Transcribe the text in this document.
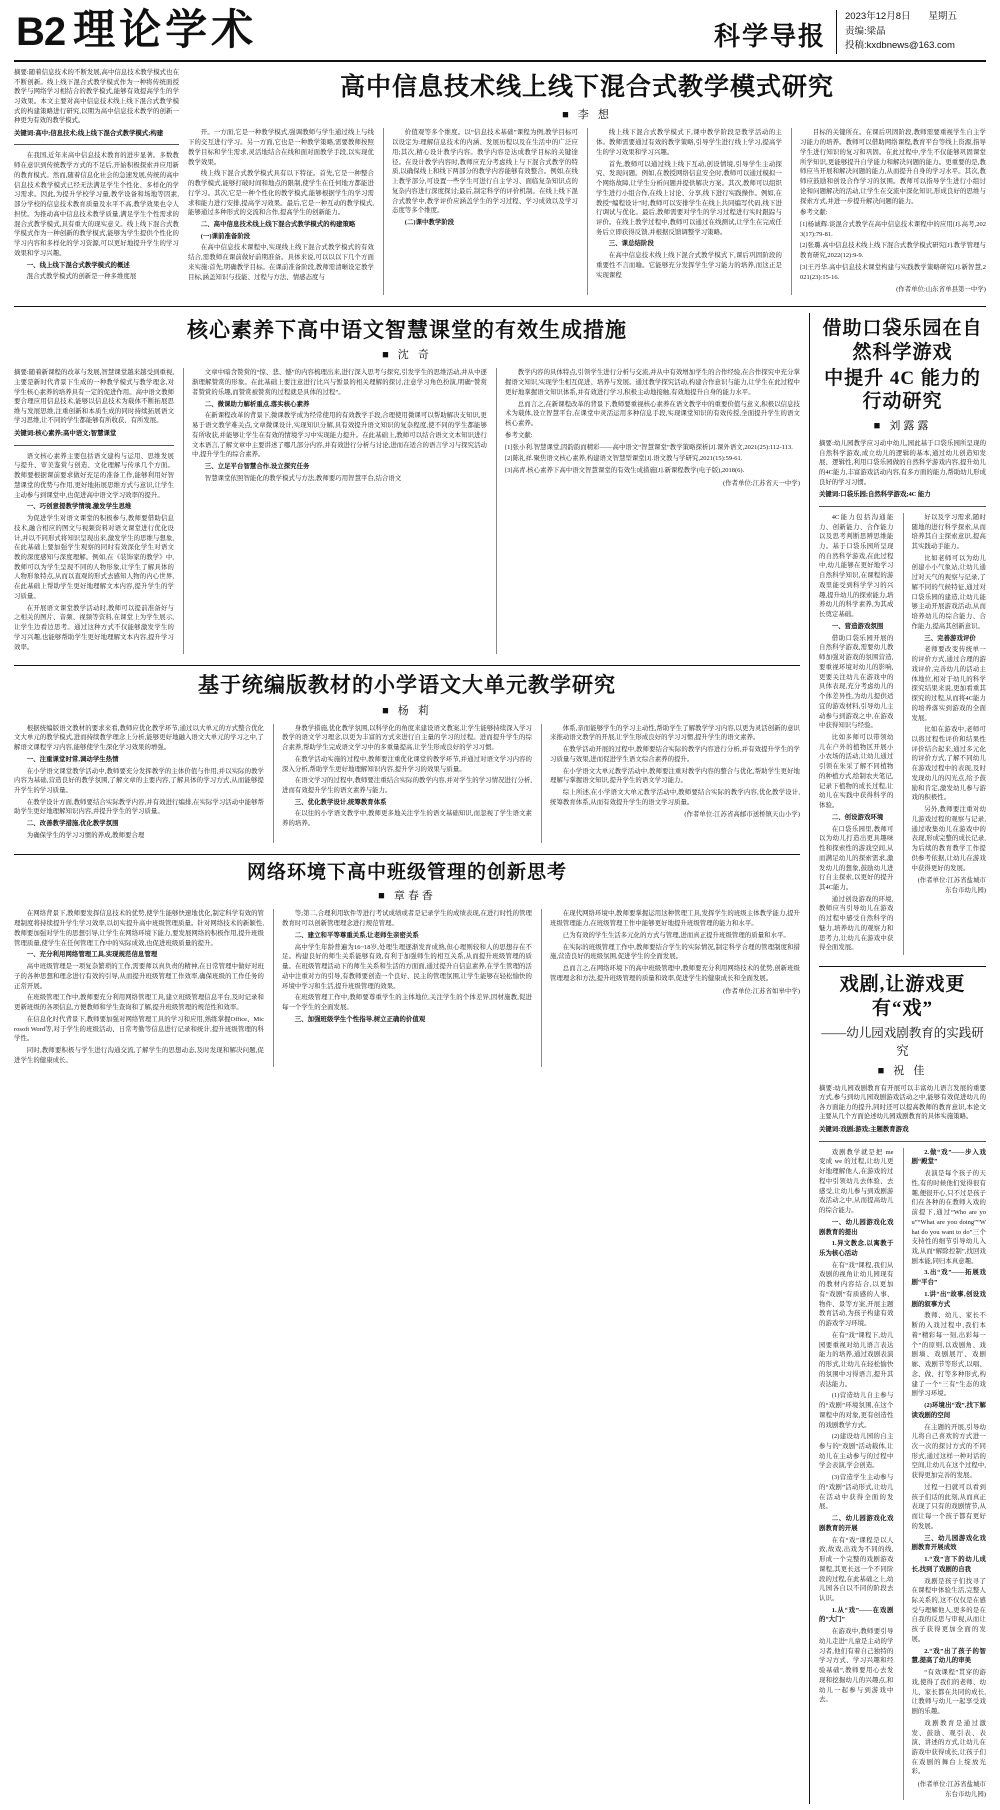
B2 理论学术	科学导报
2023年12月8日 星期五
责编:梁晶
投稿:kxdbnews@163.com

摘要:随着信息技术的不断发展,高中信息技术教学模式也在不断创新。线上线下混合式教学模式作为一种将传统面授教学与网络学习相结合的教学模式,能够有效提高学生的学习效果。本文主要对高中信息技术线上线下混合式教学模式的构建策略进行研究,以期为高中信息技术教学的创新一种更为有效的教学模式。

关键词:高中;信息技术;线上线下混合式教学模式;构建

在我国,近年来高中信息技术教育的进步显著。多数教师在意识到传统教学方式的不足后,开始积极探索并应用新的教育模式。然而,随着信息化社会的急速发展,传统的高中信息技术教学模式已经无法满足学生个性化、多样化的学习需求。因此,为提升学校学习量,教学设备和场地等因素,部分学校的信息技术教育质量及水平不高,教学效果也令人担忧。为推动高中信息技术教学质量,满足学生个性需求的混合式教学模式,具有重大的现实意义。线上线下混合式教学模式作为一种创新的教学模式,能够为学生提供个性化的学习内容和多样化的学习资源,可以更好地提升学生的学习效果和学习兴趣。

一、线上线下混合式教学模式的概述

混合式教学模式的创新是一种多维度展

高中信息技术线上线下混合式教学模式研究
■ 李 想

开。一方面,它是一种教学模式,强调教师与学生通过线上与线下的交互进行学习。另一方面,它也是一种教学策略,需要教师按照教学目标和学生需求,灵活地结合在线和面对面教学手段,以实现优教学效果。

线上线下混合式教学模式具有以下特征。首先,它是一种整合的教学模式,能够打破时间和地点的限制,使学生在任何地方都能进行学习。其次,它是一种个性化的教学模式,能够根据学生的学习需求和能力进行安排,提高学习效果。最后,它是一种互动的教学模式,能够通过多种形式的交流和合作,提高学生的创新能力。

二、高中信息技术线上线下混合式教学模式的构建策略

(一)课前准备阶段

在高中信息技术课程中,实现线上线下混合式教学模式的有效结合,需教师在课前做好前期准备。具体来说,可以以以下几个方面来实施:首先,明确教学目标。在课前准备阶段,教师需清晰设定教学目标,涵盖知识与技能、过程与方法、情感态度与

价值观等多个维度。以“信息技术基础”课程为例,教学目标可以设定为:理解信息技术的内涵、发展历程以及在生活中的广泛应用;其次,精心设计教学内容。教学内容是达成教学目标的关键途径。在设计教学内容时,教师应充分考虑线上与下混合式教学的特质,以确保线上和线下两部分的教学内容能够有效整合。例如,在线上教学部分,可设置一些学生可进行自主学习、面临复杂知识点的复杂内容进行深度探讨;最后,制定科学的评价机制。在线上线下混合式教学中,教学评价应涵盖学生的学习过程、学习成效以及学习态度等多个维度。

(二)课中教学阶段

线上线下混合式教学模式下,课中教学阶段是教学活动的主体。教师需要通过有效的教学策略,引导学生进行线上学习,提高学生的学习效果和学习兴趣。

首先,教师可以通过线上线下互动,创设情境,引导学生主动探究、发现问题。例如,在教授网络信息安全时,教师可以通过模拟一个网络故障,让学生分析问题并提供解决方案。其次,教师可以组织学生进行小组合作,在线上讨论、分享,线下进行实践操作。例如,在教授“编程设计”时,教师可以安排学生在线上共同编写代码,线下进行调试与优化。最后,教师需要对学生的学习过程进行实时跟踪与评价。在线上教学过程中,教师可以通过在线测试,让学生在完成任务后立即获得反馈,并根据反馈调整学习策略。

三、课总结阶段

在高中信息技术线上线下混合式教学模式下,课后巩固阶段的重要性不言而喻。它能够充分发挥学生学习能力的培养,而这正是实现课程

目标的关键所在。在课后巩固阶段,教师需要重视学生自主学习能力的培养。教师可以借助网络课程,教育平台等线上资源,指导学生进行知识的复习和巩固。在此过程中,学生不仅能够巩固课堂所学知识,更能够提升自学能力和解决问题的能力。更重要的是,教师应当开展和解决问题的能力,从而提升自身的学习水平。其次,教师应鼓励和创设合作学习的氛围。教师可以指导学生进行小组讨论和问题解决的活动,让学生在交流中深化知识,形成良好的思维与探索方式,并进一步提升解决问题的能力。

参考文献:

[1]杨诚辉.谈混合式教学在高中信息技术课程中的应用[J].高考,2023(17):79-81.

[2]张璐.高中信息技术线上线下混合式教学模式研究[J].教学管理与教育研究,2022(12):9-9.

[3]王丹华.高中信息技术课堂构建与实践教学策略研究[J].新智慧,2021(23):15-16.

(作者单位:山东省单县第一中学)
核心素养下高中语文智慧课堂的有效生成措施
■ 沈 奇

摘要:随着新课程的改革与发展,智慧课堂越来越受到重视,主要是新时代背景下生成的一种教学模式与教学理念,对学生核心素养的培养具有一定的促进作用。高中语文教师要合理应用信息技术,能够以信息技术为载体不断拓展思维与发展思维,注重创新和本质生成的同时持续拓展语文学习思维,让不同的学生都能够有所收获、有所发展。

关键词:核心素养;高中语文;智慧课堂

语文核心素养主要包括语文建构与运用、思维发展与提升、审美鉴赏与创造、文化理解与传承几个方面。教师要根据课前要求做好充足的准备工作,能够利用好智慧课堂的优势与作用,更好地拓展思维方式与意识,让学生主动参与到课堂中,也促进高中语文学习效率的提升。

一、巧创意提教学情境,激发学生思维

为促进学生对语文课堂的积极参与,教师要借助信息技术,融合相应的图文与视频资料对语文课堂进行优化设计,并以不同形式将知识呈现出来,激发学生的思维与想象,在此基础上要加强学生观察的同时有效深化学生对语文教的深度感知与深度理解。例如,在《装饰家的教学》中,教师可以为学生呈现不同的人物形象,让学生了解具体的人物形象特点,从而以直观的形式去感知人物的内心世界,在此基础上帮助学生更好地理解文本内容,提升学生的学习质量。

在开展语文课堂教学活动时,教师可以提前准备好与之相关的图片、音频、视频等资料,在课堂上为学生展示,让学生边看边思考。通过这种方式不仅能够激发学生的学习兴趣,也能够帮助学生更好地理解文本内容,提升学习效率。

文章中暗含赞赏的“惊、悲、憾”的内容梳理出来,进行深入思考与探究,引发学生的思维活动,并从中逐渐理解赞赏的形象。在此基础上要注意进行比兴与暂景的相关理解的探讨,注意学习角色扮演,明确“赞赏者赞赏的乐趣,而赞赏被赞赏的过程就是具体的过程”。

二、微课助力解析重点,落实核心素养

在新课程改革的背景下,微课教学成为经常使用的有效教学手段,合理使用微课可以帮助解决支知识,更易于语文教学难关点,文章微课设计,实现知识分解,具有效提升语文知识的复杂程度,使不同的学生都能够有所收获,并能够让学生在有效的情境学习中实现能力提升。在此基础上,教师可以结合语文文本知识进行文本语言,了解文章中主要讲述了哪几部分内容,并有效进行分析与讨论,进而在适合的语言学习与探究活动中,提升学生的综合素养。

三、立足平台智慧合作,设立探究任务

智慧课堂依照智能化的教学模式与方法,教师要巧用智慧平台,结合语文

教学内容的具体特点,引领学生进行分析与交流,并从中有效增加学生的合作经验,在合作探究中充分掌握语文知识,实现学生相互促进、培养与发展。通过教学探究活动,构建合作意识与能力,让学生在此过程中更好地掌握语文知识体系,并有效进行学习,积极主动地接触,有效地提升自身的能力水平。

总而言之,在新课程改革的背景下,教师要重视核心素养在语文教学中的重要价值与意义,积极以信息技术为载体,设立智慧平台,在课堂中灵活运用多种信息手段,实现课堂知识的有效传授,全面提升学生的语文核心素养。

参考文献:

[1]张小利.智慧课堂,因韵韵而精彩——高中语文“智慧课堂”教学策略探析[J].课外语文,2021(25):112-113.

[2]陈礼祥.聚焦语文核心素养,构建语文智慧型课堂[J].语文教与学研究,2021(15):59-61.

[3]高青.核心素养下高中语文智慧课堂的有效生成措施[J].新课程教学(电子版),2018(6).

(作者单位:江苏省天一中学)
基于统编版教材的小学语文大单元教学研究
■ 杨 莉

根据统编版语文教材的要求来看,教师应优化教学环节,通过以大单元的方式整合优化文大单元的教学模式,进而持续教学理念上分析,能够更好地融入语文大单元的学习之中,了解语文课程学习内容,能够使学生深化学习效果的增强。

一、注重课堂时常,调动学生热情

在小学语文课堂教学活动中,教师要充分发挥教学的主体价值与作用,并以实际的教学内容为基础,营造良好的教学氛围,了解文章的主要内容,了解具体的学习方式,从而能够提升学生的学习质量。

在教学设计方面,教师要结合实际教学内容,并有效进行编排,在实际学习活动中能够帮助学生更好地理解知识内容,并提升学生的学习质量。

二、改善教学措施,优化教学氛围

为确保学生的学习习惯的养成,教师要合理

身教学措施,优化教学氛围,以科学化的角度来建设语文教案,让学生能够持续深入学习教学的语文学习理念,以更为丰富的方式来进行自主量的学习的过程。进而提升学生的综合素养,帮助学生完成语文学习中的多重量提高,让学生形成良好的学习习惯。

在教学活动实施的过程中,教师要注重优化课堂的教学环节,并通过对语文学习内容的深入分析,帮助学生更好地理解知识内容,提升学习的效果与质量。

在语文学习的过程中,教师要注重结合实际的教学内容,并对学生的学习情况进行分析,进而有效提升学生的语文素养与能力。

三、优化教学设计,统筹教育体系

在以往的小学语文教学中,教师更多地关注学生的语文基础知识,而忽视了学生语文素养的培养。

体系,亲而能够学生的学习主动性,帮助学生了解教学学习内容,以更为灵活创新的意识来推动语文教学的开展,让学生形成良好的学习习惯,提升学生的语文素养。

在教学活动开展的过程中,教师要结合实际的教学内容进行分析,并有效提升学生的学习质量与效果,进而促进学生语文综合素养的提升。

在小学语文大单元教学活动中,教师要注重对教学内容的整合与优化,帮助学生更好地理解与掌握语文知识,提升学生的语文学习能力。

综上所述,在小学语文大单元教学活动中,教师要结合实际的教学内容,优化教学设计,统筹教育体系,从而有效提升学生的语文学习质量。

(作者单位:江苏省高邮市送桥镇天山小学)
网络环境下高中班级管理的创新思考
■ 章春香

在网络背景下,教师要发挥信息技术的优势,使学生能够快速地优化,制定科学有效的管理制度将持续提升学生学习效率,以切实提升高中班级管理质量。针对网络技术的新颖性,教师要加强对学生的思想引导,让学生在网络环境下能力,要发展网络的积极作用,提升班级管理质量,使学生在任何管理工作中的实际成效,也促进班级质量的提升。

一、充分利用网络管理工具,实现规范信息管理

高中班级管理是一项复杂繁琐的工作,需要师以真负责的精神,在日常管理中做好对班子的各种思想和理念进行有效的引导,从而提升班级管理工作效率,确保班级的工作任务的正常开展。

在班级管理工作中,教师要充分利用网络管理工具,建立班级管理信息平台,及时记录和更新班级的各项信息,方便教师和学生查询和了解,提升班级管理的规范性和效率。

在信息化时代背景下,教师要加强对网络管理工具的学习和应用,熟练掌握Office、Microsoft Word等,对于学生的班级活动、日常考勤等信息进行记录和统计,提升班级管理的科学性。

同时,教师要积极与学生进行沟通交流,了解学生的思想动态,及时发现和解决问题,促进学生的健康成长。

等;第二,合理利用软件等进行考试成绩或者是记录学生的成绩表现,在进行时性的管理教育时可以创新管理理念进行规范管理。

二、建立和平等尊重关系,让老师生亲密关系

高中学生年龄普遍为16~18岁,处理生理逐渐发育成熟,但心理则较和人的思想存在不足。构建良好的师生关系能够有效,有利于加强师生的相互关系,从而提升班级管理的质量。在班级管理活动下的师生关系和生活的方面面,通过提升自信息素养,在学生管理的活动中注重对方的引导,有教师要创造一个良好、民主的管理氛围,让学生能够在轻松愉快的环境中学习和生活,提升班级管理的效果。

在班级管理工作中,教师要尊重学生的主体地位,关注学生的个体差异,因材施教,促进每一个学生的全面发展。

三、加强班级学生个性指导,树立正确的价值观

在现代网络环境中,教师要掌握运用这种管理工具,发挥学生的班级主体教学能力,提升班级管理能力,在班级管理工作中能够更好地提升班级管理的能力和水平。

已为有效的学生生活多元化的方式与管理,进而真正提升班级管理的质量和水平。

在实际的班级管理工作中,教师要结合学生的实际情况,制定科学合理的管理制度和措施,营造良好的班级氛围,促进学生的全面发展。

总而言之,在网络环境下的高中班级管理中,教师要充分利用网络技术的优势,创新班级管理理念和方法,提升班级管理的质量和效率,促进学生的健康成长和全面发展。

(作者单位:江苏省如皋中学)
借助口袋乐园在自然科学游戏
中提升 4C 能力的行动研究
■ 刘露露

摘要:幼儿园教学应习动中幼儿,园此基于口袋乐园所呈现的自然科学游戏,成立幼儿的逻辑的基本,通过幼儿创造知发展、逻辑性,利用口袋乐园做的自然科学游戏内容,提升幼儿的4C能力,丰富游戏活动内容,有多方面的能力,帮助幼儿形成良好的学习习惯。

关键词:口袋乐园;自然科学游戏;4C 能力

4C能力包括沟通能力、创新能力、合作能力以及思考判断思辨思维能力。基于口袋乐园所呈现的自然科学游戏,在此过程中,幼儿能够在更好地学习自然科学知识,在课程的游戏里能受到科学学习的兴趣,提升幼儿的探索能力,培养幼儿的科学素养,为其成长奠定基础。

一、营造游戏氛围

借助口袋乐园开展的自然科学游戏,需要幼儿教师加强对游戏的氛围营造,要重视环境对幼儿的影响,更要关注幼儿在游戏中的具体表现,充分考虑幼儿的个体差异性,为幼儿提供适宜的游戏材料,引导幼儿主动参与到游戏之中,在游戏中获得知识与经验。

比如多师可以带领幼儿在户外的植物区开展小小农场的活动,让幼儿通过引领在朱采了解不同植物的种植方式,绘制农夫笔记,记录下植物的成长过程,让幼儿在实践中获得科学的体验。

二、创设游戏环境

在口袋乐园里,教师可以为幼儿打造出更具趣味性和探索性的游戏空间,从而满足幼儿的探索需求,激发幼儿的想象,鼓励幼儿进行自主探索,以更好的提升其4C能力。

通过创设游戏的环境,教师应当引导幼儿在游戏的过程中感受自然科学的魅力,培养幼儿的观察力和思考力,让幼儿在游戏中获得全面发展。

好以及学习需求,随时随地的进行科学探索,从而培养其自主探索意识,提高其实践动手能力。

比如老师可以为幼儿创建小小气象站,让幼儿通过对天气的观察与记录,了解不同的气候特征,通过对口袋乐园的建造,让幼儿能够主动开展游戏活动,从而培养幼儿的综合能力、合作能力,提高其创新意识。

三、完善游戏评价

老师要改变传统单一的评价方式,通过合理的游戏评价,完善幼儿的活动主体地位,相对于幼儿的科学探究结果来说,更加看重其探究的过程,从而将4C能力的培养落实到游戏的全面发展。

比如在游戏中,老师可以将过程性评价和结果性评价结合起来,通过多元化的评价方式,了解不同幼儿在游戏过程中的表现,及时发现幼儿的闪光点,给予鼓励和肯定,激发幼儿参与游戏的积极性。

另外,教师要注重对幼儿游戏过程的观察与记录,通过收集幼儿在游戏中的表现,形成完整的成长记录,为后续的教育教学工作提供参考依据,让幼儿在游戏中获得更好的发展。

(作者单位:江苏省盐城市东台市幼儿园)
戏剧,让游戏更有“戏”
——幼儿园戏剧教育的实践研究
■ 祝 佳

摘要:幼儿园戏剧教育有开展可以丰富幼儿语言发展的重要方式,参与到幼儿园戏剧游戏活动之中,能够有效促进幼儿的各方面能力的提升,同时还可以提高教师的教育意识,本论文主要从几个方面论述幼儿园戏剧教育的具体实施策略。

关键词:戏剧;游戏;主题教育游戏

戏剧教学就是把 me 变成 we 的过程,让幼儿更好地理解他人,在游戏的过程中引领幼儿去体验、去感受,让幼儿参与到戏剧游戏活动之中,从而提高幼儿的综合能力。

一、幼儿园游戏化戏剧教育的提出

1.异文教念,以寓教于乐为核心活动

在有“戏”课程,我们从戏剧的视角让幼儿园现有的教材内容结合,以更加有“戏剧”有质感的人事、物件、景等方案,开展主题教育活动,为孩子构建有效的游戏学习环境。

在有“戏”课程下,幼儿园要重视对幼儿语言表达能力的培养,通过戏剧表演的形式,让幼儿在轻松愉快的氛围中习得语言,提升其表达能力。

(1)营造幼儿自主参与的“戏剧”环境氛围,在这个课程中的对象,更有创造性的戏剧教学方式。

(2)建设幼儿园的自主参与的“戏剧”活动载体,让幼儿在主动参与的过程中学会表演,学会创造。

(3)营造学生主动参与的“戏剧”活动形式,让幼儿在活动中获得全面的发展。

二、幼儿园游戏化戏剧教育的开展

在有“戏”课程是以人致,故戏,出戏为不同的线,形成一个完整的戏剧游戏课程,其更长远一个不同阶段的过程,在此基础之上,幼儿园各自以不同的阶段去认识。

1.从“戏”——在戏剧的“大门”

在游戏中,教师要引导幼儿走进“儿童是主动的学习者,他们有着自己独特的学习方式、学习兴趣和经验基础”,教师要用心去发现和挖掘幼儿的兴趣点,和幼儿一起参与到游戏中去。

2.做“戏”——步入戏剧“殿堂”

表演是每个孩子的天性,有的时候他们觉得很有趣,便很开心,只不过是孩子们在各种的在教师入戏的前提下,通过“Who are you”“What are you doing”“What do you want to do”三个支持性的细节引导幼儿入戏,从而“解除控制”,找回戏剧本能,同归本真意趣。

3.出“戏”——拓展戏剧“平台”

1.讲“出”故事,创设戏剧的叙事方式

教师、幼儿、家长不断的入戏过程中,我们本着“精彩每一刻,出彩每一个”的原则,以戏剧角、戏剧墙、戏剧展厅、戏剧廊、戏剧节等形式,以唱、念、做、打等多种形式,构建了一个“三有”生态的戏剧学习环境。

(2)环境出“戏”,找下解读戏剧的空间

在主题的开展,引导幼儿将自己喜欢的方式进一次一次的探讨方式的不同形式,通过这样一种对话的空间,让幼儿在这个过程中,获得更加完善的发展。

过程一扫就可以看到孩子们话的此刻,从而真正表现了只有的戏剧情节,从而让每一个孩子都有更好的发展。

三、幼儿园游戏化戏剧教育开展成效

1.“戏”言下的幼儿成长,找到了戏剧的自我

戏剧是孩子们找寻了在课程中体验生活,完整人际关系的,这不仅仅是在感受与理解他人,更多的是在自我的反思与审视,从而让孩子获得更加全面的发展。

2.“戏”出了孩子的智慧,提高了幼儿的审美

“有效课程”贯穿的游戏,使得了我们的老师、幼儿、家长都在共同的成长,让教师与幼儿一起享受戏剧的乐趣。

戏剧教育是通过激发、鼓励、观引表、表演、讲述的方式,让幼儿在游戏中获得成长,让孩子们在戏剧的舞台上绽放光彩。

(作者单位:江苏省盐城市东台市幼儿园)
